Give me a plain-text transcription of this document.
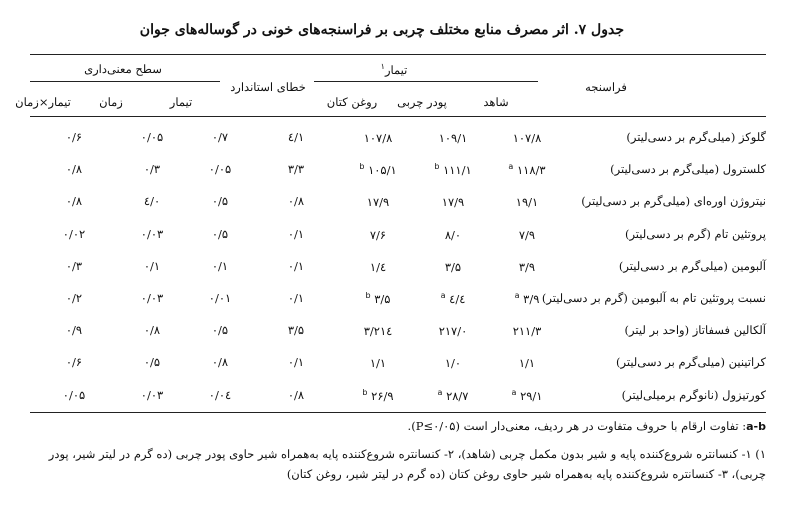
جدول ۷. اثر مصرف منابع مختلف چربی بر فراسنجه‌های خونی در گوساله‌های جوان
فراسنجه
تیمار$^۱$
شاهد
پودر چربی
روغن کتان
خطای استاندارد
سطح معنی‌داری
تیمار
زمان
تیمار×زمان
گلوکز (میلی‌گرم بر دسی‌لیتر)
۱۰۷/۸
۱۰۹/۱
۱۰۷/۸
۱/٤
۰/۷
۰/۰۵
۰/۶
کلسترول (میلی‌گرم بر دسی‌لیتر)
۱۱۸/۳ $^a$
۱۱۱/۱ $^b$
۱۰۵/۱ $^b$
۳/۳
۰/۰۵
۰/۳
۰/۸
نیتروژن اوره‌ای (میلی‌گرم بر دسی‌لیتر)
۱۹/۱
۱۷/۹
۱۷/۹
۰/۸
۰/۵
۰/٤
۰/۸
پروتئین تام (گرم بر دسی‌لیتر)
۷/۹
۸/۰
۷/۶
۰/۱
۰/۵
۰/۰۳
۰/۰۲
آلبومین (میلی‌گرم بر دسی‌لیتر)
۳/۹
۳/۵
٤/۱
۰/۱
۰/۱
۰/۱
۰/۳
نسبت پروتئین تام به آلبومین (گرم بر دسی‌لیتر)
۳/۹ $^a$
٤/٤ $^a$
۳/۵ $^b$
۰/۱
۰/۰۱
۰/۰۳
۰/۲
آلکالین فسفاتاز (واحد بر لیتر)
۲۱۱/۳
۲۱۷/۰
۲۱٤/۳
۳/۵
۰/۵
۰/۸
۰/۹
کراتینین (میلی‌گرم بر دسی‌لیتر)
۱/۱
۱/۰
۱/۱
۰/۱
۰/۸
۰/۵
۰/۶
کورتیزول (نانوگرم برمیلی‌لیتر)
۲۹/۱ $^a$
۲۸/۷ $^a$
۲۶/۹ $^b$
۰/۸
۰/۰٤
۰/۰۳
۰/۰۵
a-b: تفاوت ارقام با حروف متفاوت در هر ردیف، معنی‌دار است (P≤۰/۰۵).
۱) ۱- کنسانتره شروع‌کننده پایه و شیر بدون مکمل چربی (شاهد)، ۲- کنسانتره شروع‌کننده پایه به‌همراه شیر حاوی پودر چربی (ده گرم در لیتر شیر، پودر چربی)، ۳- کنسانتره شروع‌کننده پایه به‌همراه شیر حاوی روغن کتان (ده گرم در لیتر شیر، روغن کتان)
